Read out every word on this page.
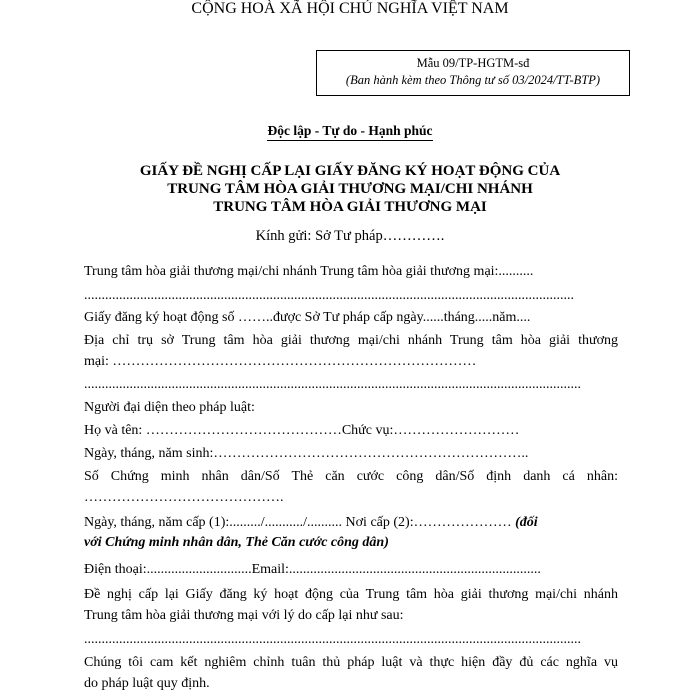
Mẫu 09/TP-HGTM-sđ
(Ban hành kèm theo Thông tư số 03/2024/TT-BTP)
CỘNG HOÀ XÃ HỘI CHỦ NGHĨA VIỆT NAM
Độc lập - Tự do - Hạnh phúc
GIẤY ĐỀ NGHỊ CẤP LẠI GIẤY ĐĂNG KÝ HOẠT ĐỘNG CỦA
TRUNG TÂM HÒA GIẢI THƯƠNG MẠI/CHI NHÁNH
TRUNG TÂM HÒA GIẢI THƯƠNG MẠI
Kính gửi: Sở Tư pháp………….
Trung tâm hòa giải thương mại/chi nhánh Trung tâm hòa giải thương mại:..........
............................................................................................................................................
Giấy đăng ký hoạt động số ……..được Sở Tư pháp cấp ngày......tháng.....năm....
Địa chỉ trụ sở Trung tâm hòa giải thương mại/chi nhánh Trung tâm hòa giải thương
mại: ……………………………………………………………………
..............................................................................................................................................
Người đại diện theo pháp luật:
Họ và tên: ……………………………………Chức vụ:………………………
Ngày, tháng, năm sinh:…………………………………………………………..
Số Chứng minh nhân dân/Số Thẻ căn cước công dân/Số định danh cá nhân:
…………………………………….
Ngày, tháng, năm cấp (1):........./.........../.......... Nơi cấp (2):………………… (đối
với Chứng minh nhân dân, Thẻ Căn cước công dân)
Điện thoại:..............................Email:........................................................................
Đề nghị cấp lại Giấy đăng ký hoạt động của Trung tâm hòa giải thương mại/chi nhánh
Trung tâm hòa giải thương mại với lý do cấp lại như sau:
..............................................................................................................................................
Chúng tôi cam kết nghiêm chỉnh tuân thủ pháp luật và thực hiện đầy đủ các nghĩa vụ
do pháp luật quy định.
